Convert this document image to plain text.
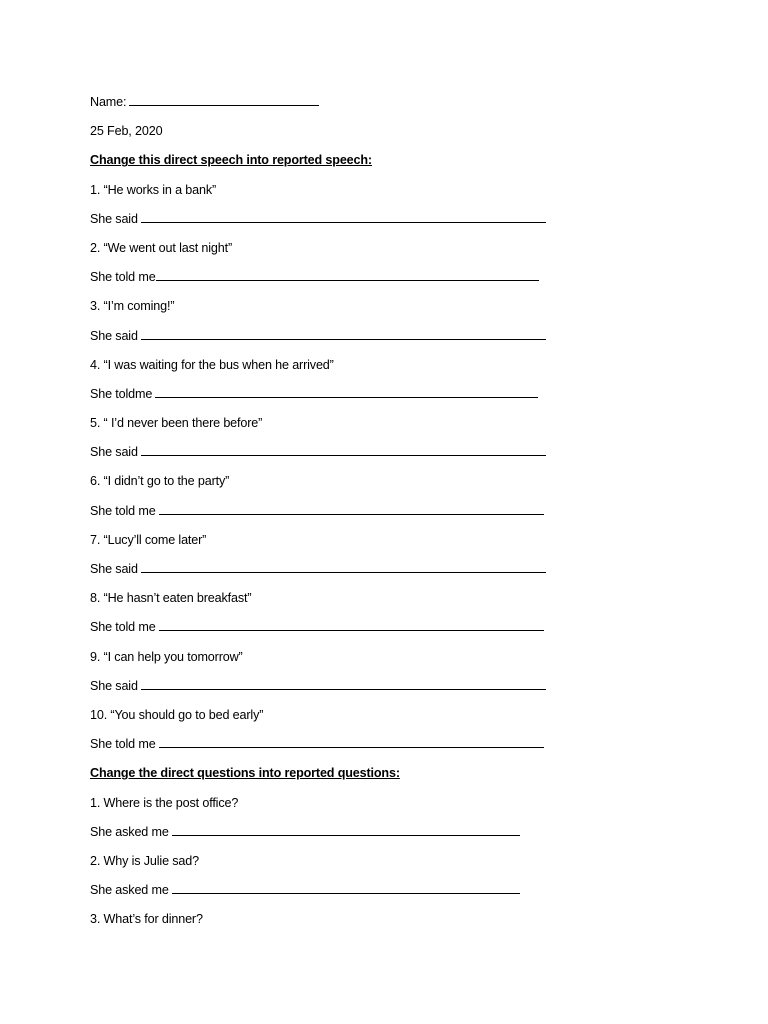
Name:
25 Feb, 2020
Change this direct speech into reported speech:
1. “He works in a bank”
She said
2. “We went out last night”
She told me
3. “I’m coming!”
She said
4. “I was waiting for the bus when he arrived”
She toldme
5. “ I’d never been there before”
She said
6. “I didn’t go to the party”
She told me
7. “Lucy’ll come later”
She said
8. “He hasn’t eaten breakfast”
She told me
9. “I can help you tomorrow”
She said
10. “You should go to bed early”
She told me
Change the direct questions into reported questions:
1. Where is the post office?
She asked me
2. Why is Julie sad?
She asked me
3. What’s for dinner?
